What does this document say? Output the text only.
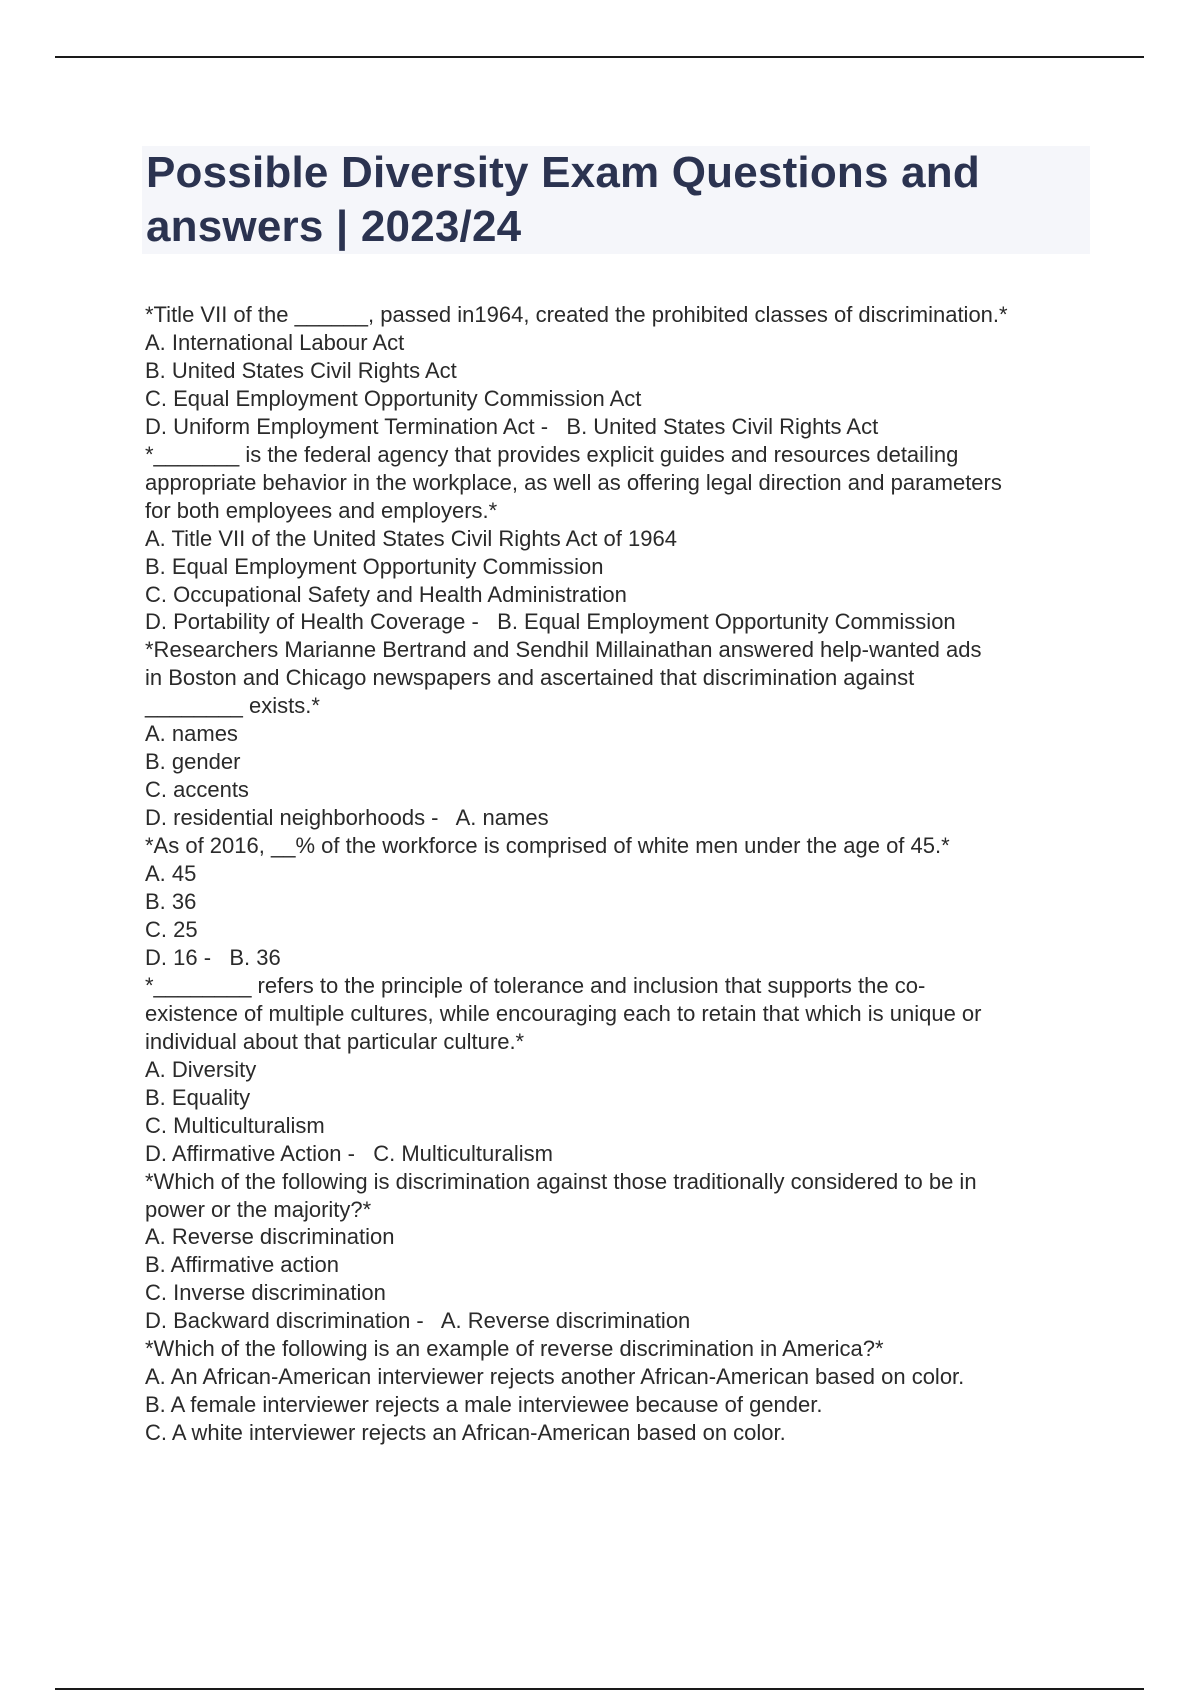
Possible Diversity Exam Questions and
answers | 2023/24
*Title VII of the ______, passed in1964, created the prohibited classes of discrimination.*
A. International Labour Act
B. United States Civil Rights Act
C. Equal Employment Opportunity Commission Act
D. Uniform Employment Termination Act -   B. United States Civil Rights Act
*_______ is the federal agency that provides explicit guides and resources detailing
appropriate behavior in the workplace, as well as offering legal direction and parameters
for both employees and employers.*
A. Title VII of the United States Civil Rights Act of 1964
B. Equal Employment Opportunity Commission
C. Occupational Safety and Health Administration
D. Portability of Health Coverage -   B. Equal Employment Opportunity Commission
*Researchers Marianne Bertrand and Sendhil Millainathan answered help-wanted ads
in Boston and Chicago newspapers and ascertained that discrimination against
________ exists.*
A. names
B. gender
C. accents
D. residential neighborhoods -   A. names
*As of 2016, __% of the workforce is comprised of white men under the age of 45.*
A. 45
B. 36
C. 25
D. 16 -   B. 36
*________ refers to the principle of tolerance and inclusion that supports the co-
existence of multiple cultures, while encouraging each to retain that which is unique or
individual about that particular culture.*
A. Diversity
B. Equality
C. Multiculturalism
D. Affirmative Action -   C. Multiculturalism
*Which of the following is discrimination against those traditionally considered to be in
power or the majority?*
A. Reverse discrimination
B. Affirmative action
C. Inverse discrimination
D. Backward discrimination -   A. Reverse discrimination
*Which of the following is an example of reverse discrimination in America?*
A. An African-American interviewer rejects another African-American based on color.
B. A female interviewer rejects a male interviewee because of gender.
C. A white interviewer rejects an African-American based on color.
